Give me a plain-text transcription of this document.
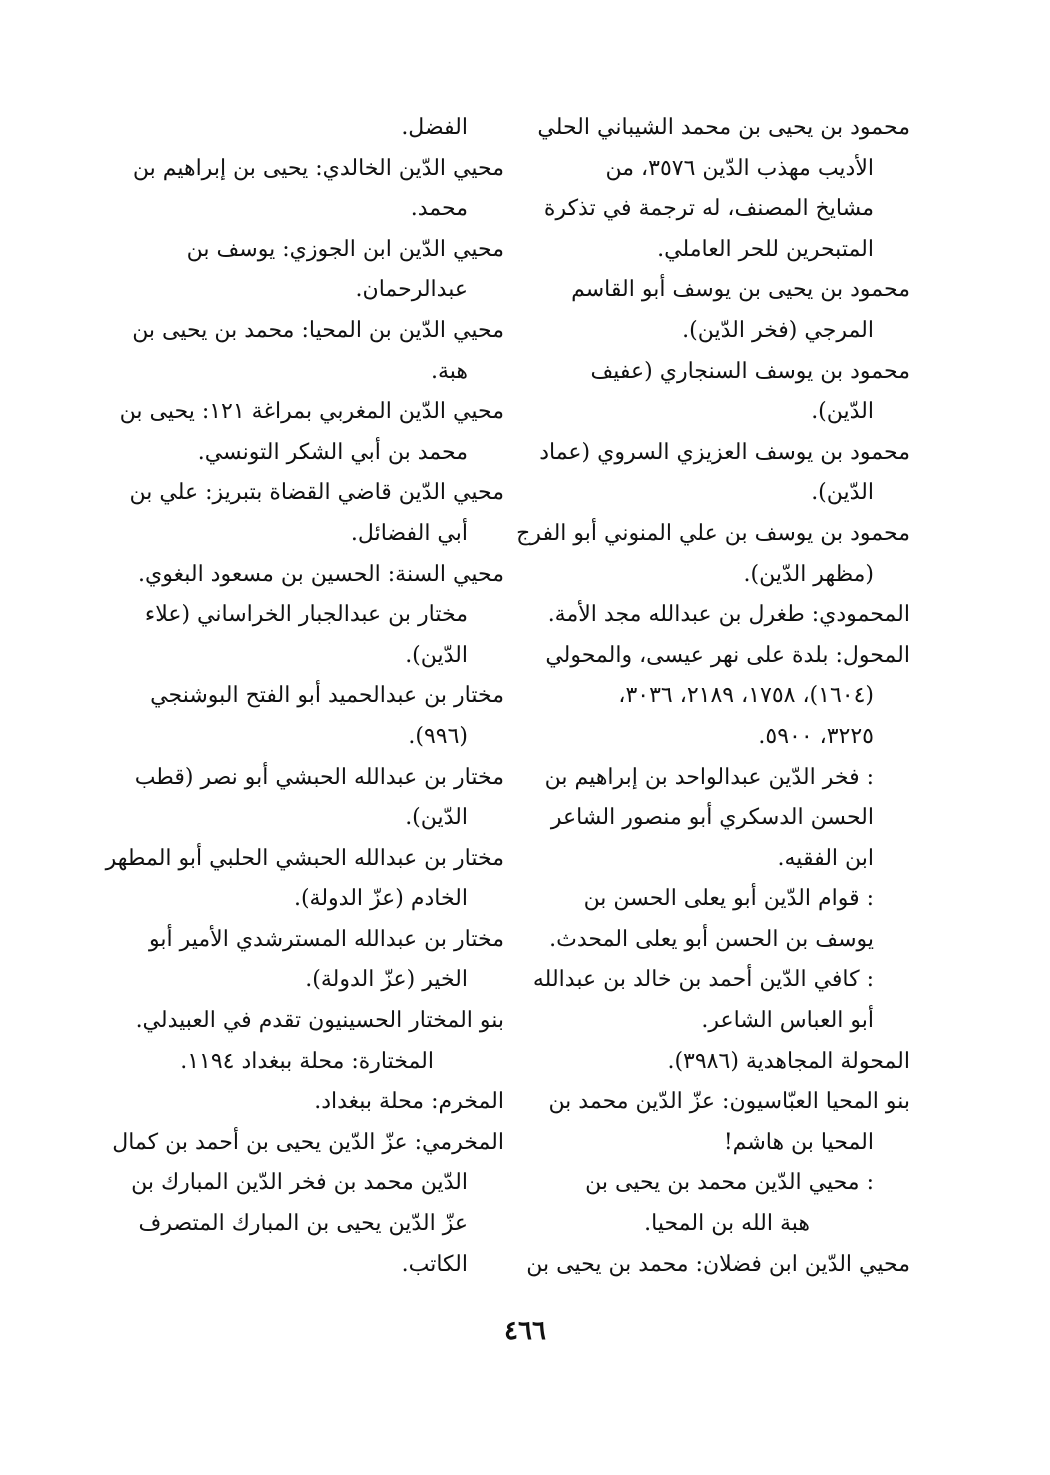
محمود بن يحيى بن محمد الشيباني الحلي
الأديب مهذب الدّين ٣٥٧٦، من
مشايخ المصنف، له ترجمة في تذكرة
المتبحرين للحر العاملي.
محمود بن يحيى بن يوسف أبو القاسم
المرجي (فخر الدّين).
محمود بن يوسف السنجاري (عفيف
الدّين).
محمود بن يوسف العزيزي السروي (عماد
الدّين).
محمود بن يوسف بن علي المنوني أبو الفرج
(مظهر الدّين).
المحمودي: طغرل بن عبدالله مجد الأمة.
المحول: بلدة على نهر عيسى، والمحولي
(١٦٠٤)، ١٧٥٨، ٢١٨٩، ٣٠٣٦،
٣٢٢٥، ٥٩٠٠.
: فخر الدّين عبدالواحد بن إبراهيم بن
الحسن الدسكري أبو منصور الشاعر
ابن الفقيه.
: قوام الدّين أبو يعلى الحسن بن
يوسف بن الحسن أبو يعلى المحدث.
: كافي الدّين أحمد بن خالد بن عبدالله
أبو العباس الشاعر.
المحولة المجاهدية (٣٩٨٦).
بنو المحيا العبّاسيون: عزّ الدّين محمد بن
المحيا بن هاشم!
: محيي الدّين محمد بن يحيى بن
هبة الله بن المحيا.
محيي الدّين ابن فضلان: محمد بن يحيى بن
الفضل.
محيي الدّين الخالدي: يحيى بن إبراهيم بن
محمد.
محيي الدّين ابن الجوزي: يوسف بن
عبدالرحمان.
محيي الدّين بن المحيا: محمد بن يحيى بن
هبة.
محيي الدّين المغربي بمراغة ١٢١: يحيى بن
محمد بن أبي الشكر التونسي.
محيي الدّين قاضي القضاة بتبريز: علي بن
أبي الفضائل.
محيي السنة: الحسين بن مسعود البغوي.
مختار بن عبدالجبار الخراساني (علاء
الدّين).
مختار بن عبدالحميد أبو الفتح البوشنجي
(٩٩٦).
مختار بن عبدالله الحبشي أبو نصر (قطب
الدّين).
مختار بن عبدالله الحبشي الحلبي أبو المطهر
الخادم (عزّ الدولة).
مختار بن عبدالله المسترشدي الأمير أبو
الخير (عزّ الدولة).
بنو المختار الحسينيون تقدم في العبيدلي.
المختارة: محلة ببغداد ١١٩٤.
المخرم: محلة ببغداد.
المخرمي: عزّ الدّين يحيى بن أحمد بن كمال
الدّين محمد بن فخر الدّين المبارك بن
عزّ الدّين يحيى بن المبارك المتصرف
الكاتب.
٤٦٦
